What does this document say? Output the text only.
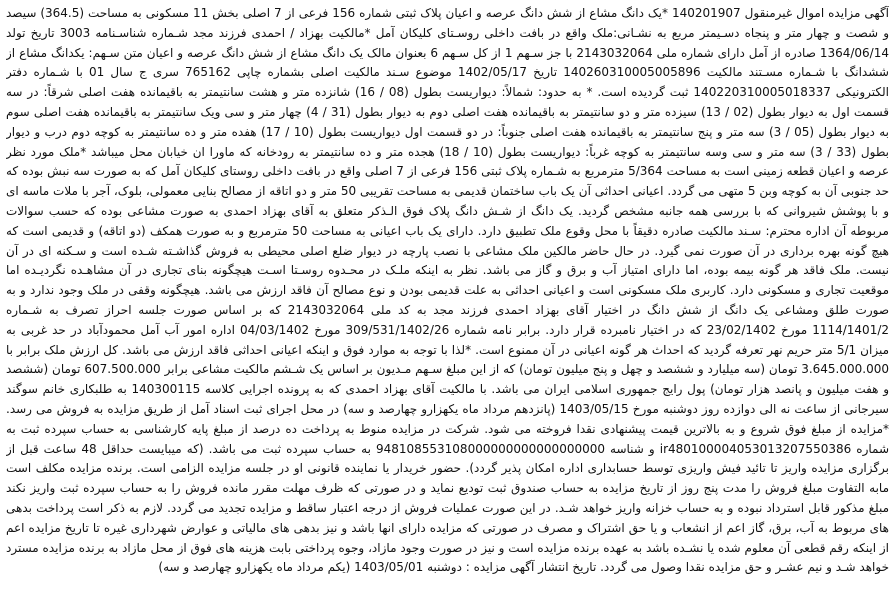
آگهی مزایده اموال غیرمنقول 140201907 *یک دانگ مشاع از شش دانگ عرصه و اعیان پلاک ثبتی شماره 156 فرعی از 7 اصلی بخش 11 مسکونی به مساحت (364.5) سیصد و شصت و چهار متر و پنجاه دسـیمتر مربع به نشـانی:ملک واقع در بافت داخلی روسـتای کلیکان آمل *مالکیت بهزاد / احمدی فرزند مجد شـماره شناسـنامه 3003 تاریخ تولد 1364/06/14 صادره از آمل دارای شماره ملی 2143032064 با جز سـهم 1 از کل سـهم 6 بعنوان مالک یک دانگ مشاع از شش دانگ عرصه و اعیان متن سـهم: یکدانگ مشاع از ششدانگ با شـماره مسـتند مالکیت 140260310005005896 تاریخ 1402/05/17 موضوع سـند مالکیت اصلی بشماره چاپی 765162 سری ج سال 01 با شـماره دفتر الکترونیکی 140220310005018337 ثبت گردیده است. * به حدود: شمالاً: دیواریست بطول (08 / 16) شانزده متر و هشت سانتیمتر به باقیمانده هفت اصلی شرقاً: در سه قسمت اول به دیوار بطول (02 / 13) سیزده متر و دو سانتیمتر به باقیمانده هفت اصلی دوم به دیوار بطول (31 / 4) چهار متر و سی ویک سانتیمتر به باقیمانده هفت اصلی سوم به دیوار بطول (05 / 3) سه متر و پنج سانتیمتر به باقیمانده هفت اصلی جنوباً: در دو قسمت اول دیواریست بطول (10 / 17) هفده متر و ده سانتیمتر به کوچه دوم درب و دیوار بطول (33 / 3) سه متر و سی وسه سانتیمتر به کوچه غرباً: دیواریست بطول (10 / 18) هجده متر و ده سانتیمتر به رودخانه که ماورا ان خیابان محل میباشد *ملک مورد نظر عرصه و اعیان قطعه زمینی است به مساحت 5/364 مترمربع به شـماره پلاک ثبتی 156 فرعی از 7 اصلی واقع در بافت داخلی روستای کلیکان آمل که به صورت سه نبش بوده که حد جنوبی آن به کوچه وبن 5 متهی می گردد. اعیانی احداثی آن یک باب ساختمان قدیمی به مساحت تقریبی 50 متر و دو اتاقه از مصالح بنایی معمولی، بلوک، آجر با ملات ماسه ای و با پوشش شیروانی که با بررسی همه جانبه مشخص گردید. یک دانگ از شـش دانگ پلاک فوق الـذکر متعلق به آقای بهزاد احمدی به صورت مشاعی بوده که حسب سوالات مربوطه آن اداره محترم: سـند مالکیت صادره دقیقاً با محل وقوع ملک تطبیق دارد. دارای یک باب اعیانی به مساحت 50 مترمربع و به صورت همکف (دو اتاقه) و قدیمی است که هیچ گونه بهره برداری در آن صورت نمی گیرد. در حال حاضر مالکین ملک مشاعی با نصب پارچه در دیوار ضلع اصلی محیطی به فروش گذاشـته شـده است و سـکنه ای در آن نیست. ملک فاقد هر گونه بیمه بوده، اما دارای امتیاز آب و برق و گاز می باشد. نظر به اینکه ملـک در محـدوه روسـتا اسـت هیچگونه بنای تجاری در آن مشاهـده نگردیـده اما موقعیت تجاری و مسکونی دارد. کاربری ملک مسکونی است و اعیانی احداثی به علت قدیمی بودن و نوع مصالح آن فاقد ارزش می باشد. هیچگونه وقفی در ملک وجود ندارد و به صورت طلق ومشاعی یک دانگ از شش دانگ در اختیار آقای بهزاد احمدی فرزند مجد به کد ملی 2143032064 که بر اساس صورت جلسه احراز تصرف به شـماره 1114/1401/2 مورخ 23/02/1402 که در اختیار نامبرده قرار دارد. برابر نامه شماره 309/531/1402/26 مورخ 04/03/1402 اداره امور آب آمل محمودآباد در حد غربی به میزان 5/1 متر حریم نهر تعرفه گردید که احداث هر گونه اعیانی در آن ممنوع است. *لذا با توجه به موارد فوق و اینکه اعیانی احداثی فاقد ارزش می باشد. کل ارزش ملک برابر با 3.645.000.000 تومان (سه میلیارد و ششصد و چهل و پنج میلیون تومان) که از این مبلغ سـهم مـدیون بر اساس یک شـشم مالکیت مشاعی برابر 607.500.000 تومان (ششصد و هفت میلیون و پانصد هزار تومان) پول رایج جمهوری اسلامی ایران می باشد. با مالکیت آقای بهزاد احمدی که به پرونده اجرایی کلاسه 140300115 به طلبکاری خانم سوگند سیرجانی از ساعت نه الی دوازده روز دوشنبه مورخ 1403/05/15 (پانزدهم مرداد ماه یکهزارو چهارصد و سه) در محل اجرای ثبت اسناد آمل از طریق مزایده به فروش می رسد. *مزایده از مبلغ فوق شروع و به بالاترین قیمت پیشنهادی نقدا فروخته می شود. شرکت در مزایده منوط به پرداخت ده درصد از مبلغ پایه کارشناسی به حساب سپرده ثبت به شماره ir480100004053013207550386 و شناسه 948108553108000000000000000000 به حساب سپرده ثبت می باشد. (که میبایست حداقل 48 ساعت قبل از برگزاری مزایده واریز تا تائید فیش واریزی توسط حسابداری اداره امکان پذیر گردد). حضور خریدار یا نماینده قانونی او در جلسه مزایده الزامی است. برنده مزایده مکلف است مابه التفاوت مبلغ فروش را مدت پنج روز از تاریخ مزایده به حساب صندوق ثبت تودیع نماید و در صورتی که ظرف مهلت مقرر مانده فروش را به حساب سپرده ثبت واریز نکند مبلغ مذکور قابل استرداد نبوده و به حساب خزانه واریز خواهد شـد. در این صورت عملیات فروش از درجه اعتبار ساقط و مزایده تجدید می گردد. لازم به ذکر است پرداخت بدهی های مربوط به آب، برق، گاز اعم از انشعاب و یا حق اشتراک و مصرف در صورتی که مزایده دارای انها باشد و نیز بدهی های مالیاتی و عوارض شهرداری غیره تا تاریخ مزایده اعم از اینکه رقم قطعی آن معلوم شده یا نشـده باشد به عهده برنده مزایده است و نیز در صورت وجود مازاد، وجوه پرداختی بابت هزینه های فوق از محل مازاد به برنده مزایده مسترد خواهد شـد و نیم عشـر و حق مزایده نقدا وصول می گردد. تاریخ انتشار آگهی مزایده : دوشنبه 1403/05/01 (یکم مرداد ماه یکهزارو چهارصد و سه)
